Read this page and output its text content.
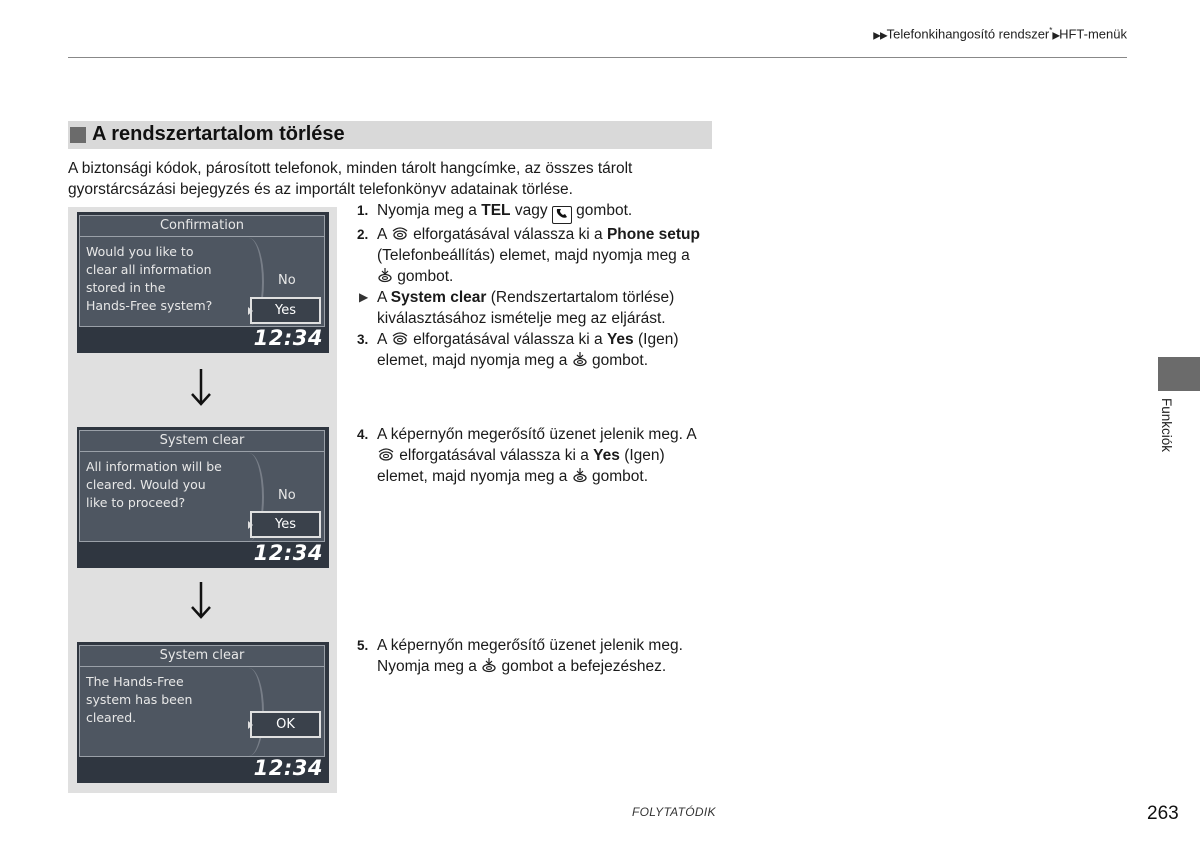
▶▶Telefonkihangosító rendszer*▶HFT-menük
A rendszertartalom törlése
A biztonsági kódok, párosított telefonok, minden tárolt hangcímke, az összes tárolt gyorstárcsázási bejegyzés és az importált telefonkönyv adatainak törlése.
Confirmation
Would you like to
clear all information
stored in the
Hands-Free system?
No
Yes
12:34
System clear
All information will be
cleared. Would you
like to proceed?	No
Yes
12:34
System clear
The Hands-Free
system has been
cleared.	OK
12:34
1. Nyomja meg a TEL vagy  gombot.
2. A  elforgatásával válassza ki a Phone setup (Telefonbeállítás) elemet, majd nyomja meg a
gombot.
▶ A System clear (Rendszertartalom törlése) kiválasztásához ismételje meg az eljárást.
3. A  elforgatásával válassza ki a Yes (Igen) elemet, majd nyomja meg a  gombot.
4. A képernyőn megerősítő üzenet jelenik meg. A
elforgatásával válassza ki a Yes (Igen) elemet, majd nyomja meg a  gombot.
5. A képernyőn megerősítő üzenet jelenik meg. Nyomja meg a  gombot a befejezéshez.
Funkciók
FOLYTATÓDIK	263
